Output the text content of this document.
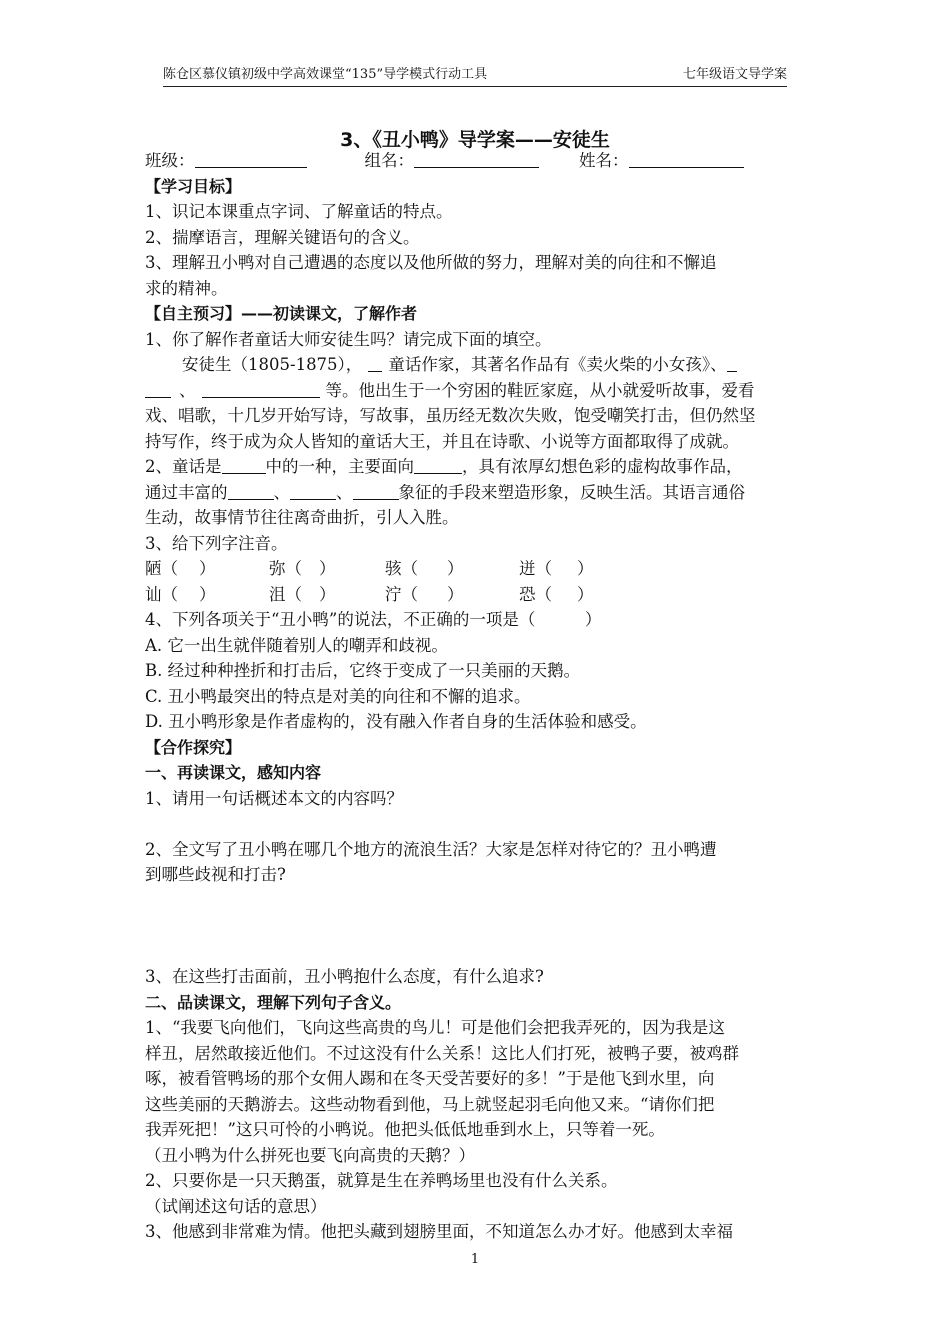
陈仓区慕仪镇初级中学高效课堂“135”导学模式行动工具	七年级语文导学案
3、《丑小鸭》导学案——安徒生
班级：	组名：	姓名：
【学习目标】
1、识记本课重点字词、了解童话的特点。
2、揣摩语言，理解关键语句的含义。
3、理解丑小鸭对自己遭遇的态度以及他所做的努力，理解对美的向往和不懈追
求的精神。
【自主预习】——初读课文，了解作者
1、你了解作者童话大师安徒生吗？请完成下面的填空。
安徒生（1805-1875）， 童话作家，其著名作品有《卖火柴的小女孩》、
、	等。他出生于一个穷困的鞋匠家庭，从小就爱听故事，爱看
戏、唱歌，十几岁开始写诗，写故事，虽历经无数次失败，饱受嘲笑打击，但仍然坚
持写作，终于成为众人皆知的童话大王，并且在诗歌、小说等方面都取得了成就。
2、童话是	中的一种，主要面向	，具有浓厚幻想色彩的虚构故事作品，
通过丰富的	、	、	象征的手段来塑造形象，反映生活。其语言通俗
生动，故事情节往往离奇曲折，引人入胜。
3、给下列字注音。
陋（ ）	弥（ ）	骇（ ）	迸（ ）
讪（ ）	沮（ ）	泞（ ）	恐（ ）
4、下列各项关于“丑小鸭”的说法，不正确的一项是（　　　）
A. 它一出生就伴随着别人的嘲弄和歧视。
B. 经过种种挫折和打击后，它终于变成了一只美丽的天鹅。
C. 丑小鸭最突出的特点是对美的向往和不懈的追求。
D. 丑小鸭形象是作者虚构的，没有融入作者自身的生活体验和感受。
【合作探究】
一、再读课文，感知内容
1、请用一句话概述本文的内容吗？
2、全文写了丑小鸭在哪几个地方的流浪生活？大家是怎样对待它的？丑小鸭遭
到哪些歧视和打击?
3、在这些打击面前，丑小鸭抱什么态度，有什么追求?
二、品读课文，理解下列句子含义。
1、“我要飞向他们，飞向这些高贵的鸟儿！可是他们会把我弄死的，因为我是这
样丑，居然敢接近他们。不过这没有什么关系！这比人们打死，被鸭子要，被鸡群
啄，被看管鸭场的那个女佣人踢和在冬天受苦要好的多！”于是他飞到水里，向
这些美丽的天鹅游去。这些动物看到他，马上就竖起羽毛向他又来。“请你们把
我弄死把！”这只可怜的小鸭说。他把头低低地垂到水上，只等着一死。
（丑小鸭为什么拼死也要飞向高贵的天鹅？）
2、只要你是一只天鹅蛋，就算是生在养鸭场里也没有什么关系。
（试阐述这句话的意思）
3、他感到非常难为情。他把头藏到翅膀里面，不知道怎么办才好。他感到太幸福
1
